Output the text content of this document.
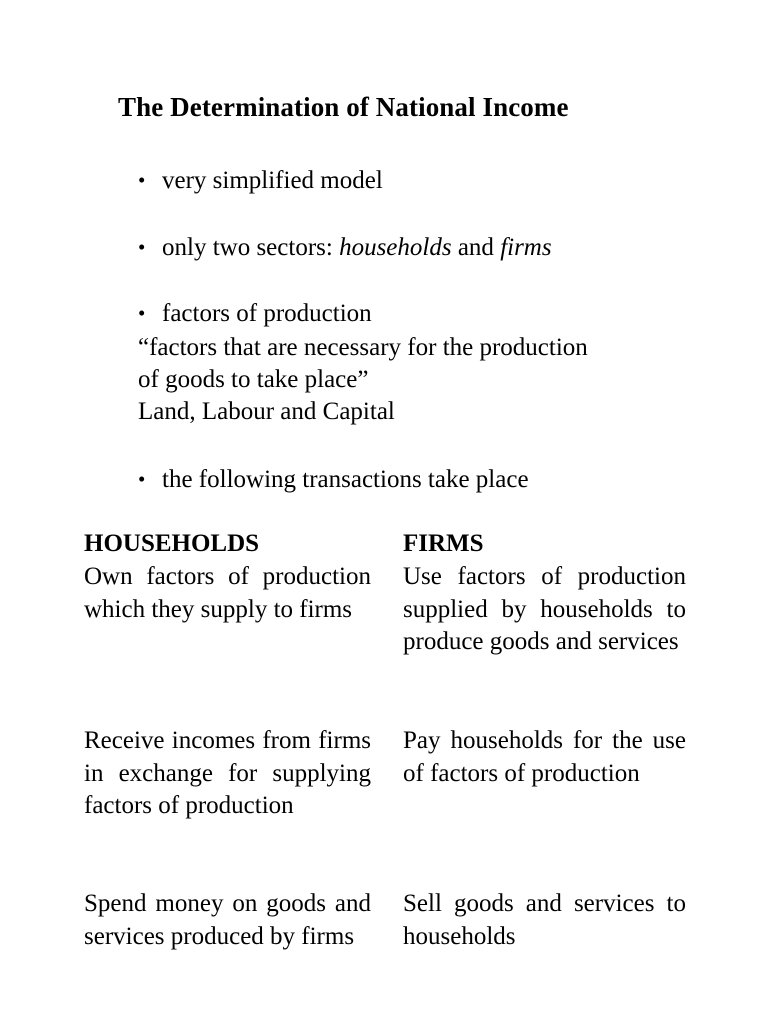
The Determination of National Income
• very simplified model
• only two sectors: households and firms
• factors of production
“factors that are necessary for the production
of goods to take place”
Land, Labour and Capital
• the following transactions take place
HOUSEHOLDS	FIRMS
Own factors of production which they supply to firms
Use factors of production supplied by households to produce goods and services
Receive incomes from firms in exchange for supplying factors of production
Pay households for the use of factors of production
Spend money on goods and services produced by firms
Sell goods and services to households
